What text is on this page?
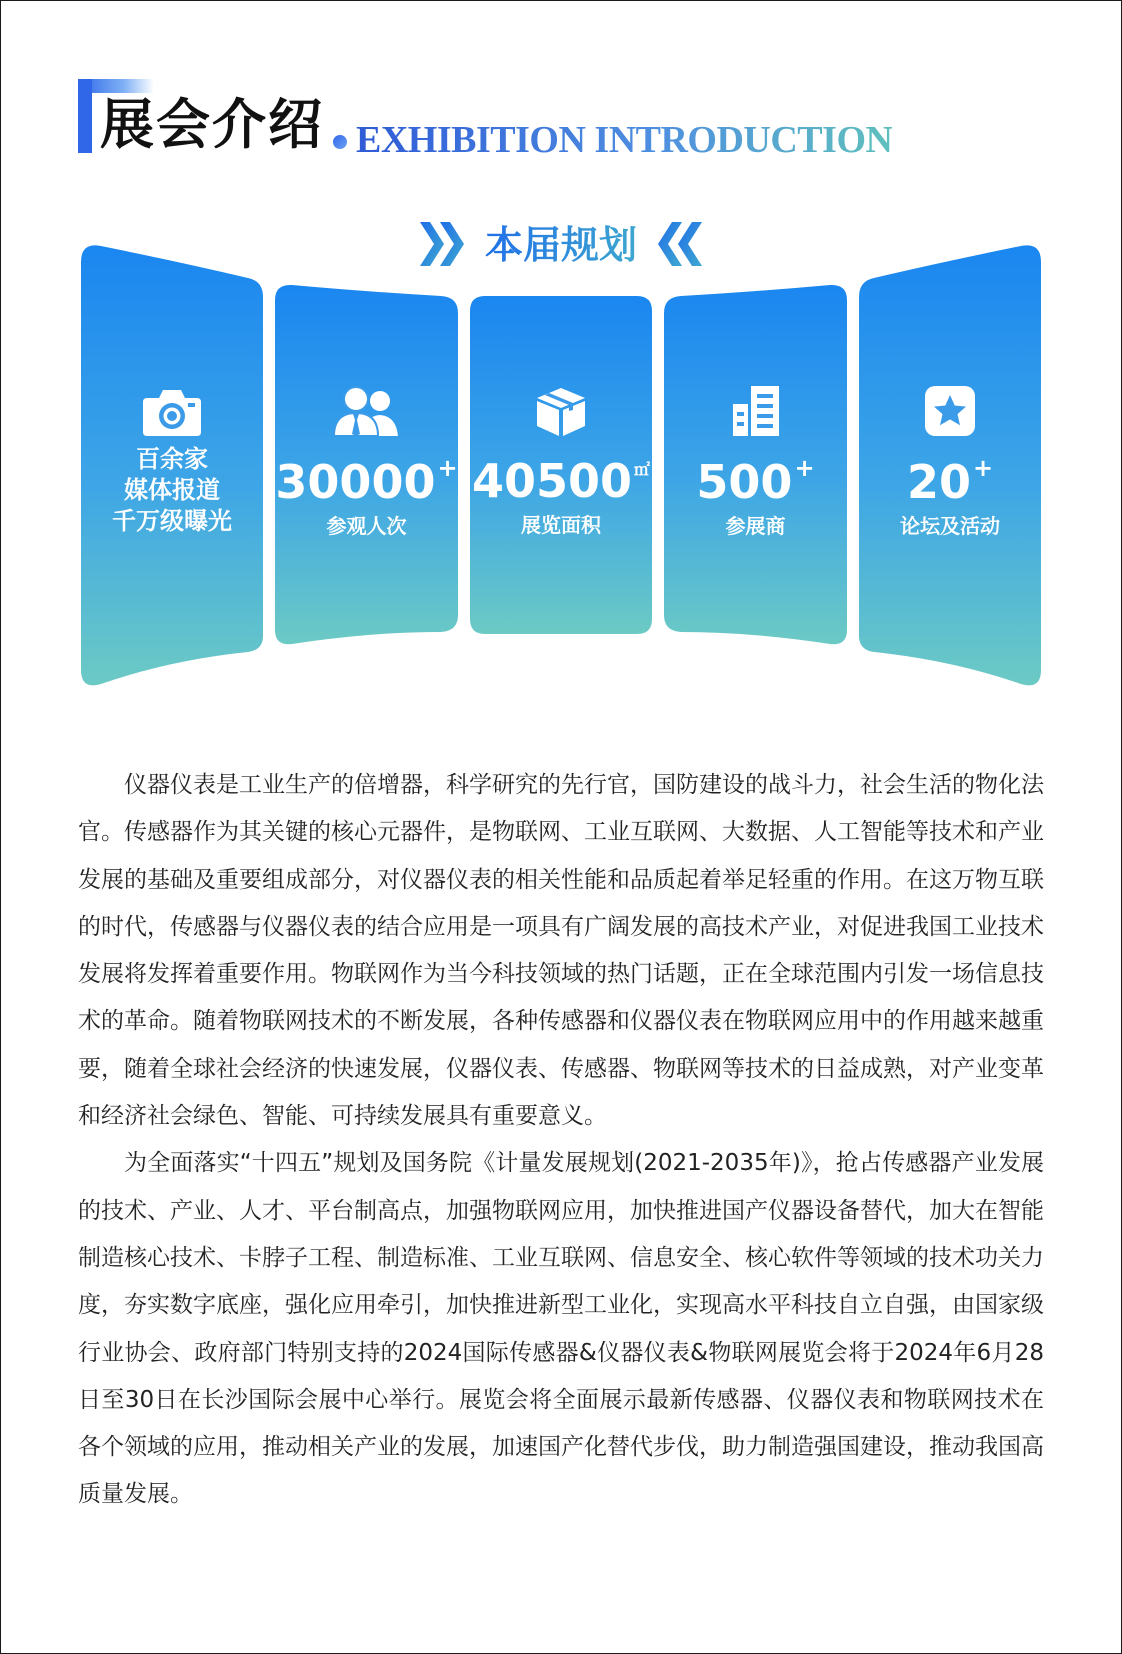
展会介绍 EXHIBITION INTRODUCTION
本届规划
百余家
媒体报道
千万级曝光
30000+
参观人次
40500 ㎡
展览面积
500+
参展商
20+
论坛及活动

仪器仪表是工业生产的倍增器，科学研究的先行官，国防建设的战斗力，社会生活的物化法官。传感器作为其关键的核心元器件，是物联网、工业互联网、大数据、人工智能等技术和产业发展的基础及重要组成部分，对仪器仪表的相关性能和品质起着举足轻重的作用。在这万物互联的时代，传感器与仪器仪表的结合应用是一项具有广阔发展的高技术产业，对促进我国工业技术发展将发挥着重要作用。物联网作为当今科技领域的热门话题，正在全球范围内引发一场信息技术的革命。随着物联网技术的不断发展，各种传感器和仪器仪表在物联网应用中的作用越来越重要，随着全球社会经济的快速发展，仪器仪表、传感器、物联网等技术的日益成熟，对产业变革和经济社会绿色、智能、可持续发展具有重要意义。

为全面落实“十四五”规划及国务院《计量发展规划(2021-2035年)》，抢占传感器产业发展的技术、产业、人才、平台制高点，加强物联网应用，加快推进国产仪器设备替代，加大在智能制造核心技术、卡脖子工程、制造标准、工业互联网、信息安全、核心软件等领域的技术功关力度，夯实数字底座，强化应用牵引，加快推进新型工业化，实现高水平科技自立自强，由国家级行业协会、政府部门特别支持的2024国际传感器&仪器仪表&物联网展览会将于2024年6月28日至30日在长沙国际会展中心举行。展览会将全面展示最新传感器、仪器仪表和物联网技术在各个领域的应用，推动相关产业的发展，加速国产化替代步伐，助力制造强国建设，推动我国高质量发展。
